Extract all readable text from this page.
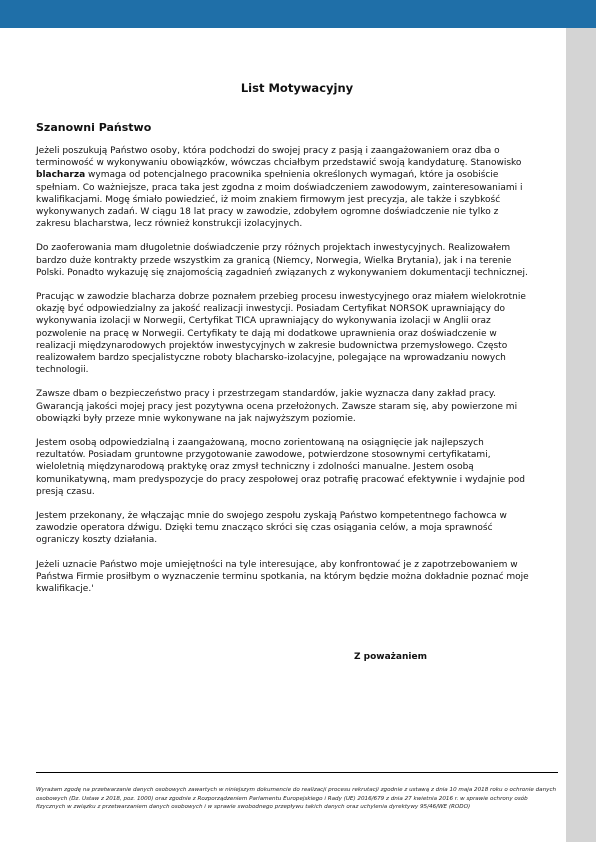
List Motywacyjny

Szanowni Państwo

Jeżeli poszukują Państwo osoby, która podchodzi do swojej pracy z pasją i zaangażowaniem oraz dba o terminowość w wykonywaniu obowiązków, wówczas chciałbym przedstawić swoją kandydaturę. Stanowisko blacharza wymaga od potencjalnego pracownika spełnienia określonych wymagań, które ja osobiście spełniam. Co ważniejsze, praca taka jest zgodna z moim doświadczeniem zawodowym, zainteresowaniami i kwalifikacjami. Mogę śmiało powiedzieć, iż moim znakiem firmowym jest precyzja, ale także i szybkość wykonywanych zadań. W ciągu 18 lat pracy w zawodzie, zdobyłem ogromne doświadczenie nie tylko z zakresu blacharstwa, lecz również konstrukcji izolacyjnych.

Do zaoferowania mam długoletnie doświadczenie przy różnych projektach inwestycyjnych. Realizowałem bardzo duże kontrakty przede wszystkim za granicą (Niemcy, Norwegia, Wielka Brytania), jak i na terenie Polski. Ponadto wykazuję się znajomością zagadnień związanych z wykonywaniem dokumentacji technicznej.

Pracując w zawodzie blacharza dobrze poznałem przebieg procesu inwestycyjnego oraz miałem wielokrotnie okazję być odpowiedzialny za jakość realizacji inwestycji. Posiadam Certyfikat NORSOK uprawniający do wykonywania izolacji w Norwegii, Certyfikat TICA uprawniający do wykonywania izolacji w Anglii oraz pozwolenie na pracę w Norwegii. Certyfikaty te dają mi dodatkowe uprawnienia oraz doświadczenie w realizacji międzynarodowych projektów inwestycyjnych w zakresie budownictwa przemysłowego. Często realizowałem bardzo specjalistyczne roboty blacharsko-izolacyjne, polegające na wprowadzaniu nowych technologii.

Zawsze dbam o bezpieczeństwo pracy i przestrzegam standardów, jakie wyznacza dany zakład pracy. Gwarancją jakości mojej pracy jest pozytywna ocena przełożonych. Zawsze staram się, aby powierzone mi obowiązki były przeze mnie wykonywane na jak najwyższym poziomie.

Jestem osobą odpowiedzialną i zaangażowaną, mocno zorientowaną na osiągnięcie jak najlepszych rezultatów. Posiadam gruntowne przygotowanie zawodowe, potwierdzone stosownymi certyfikatami, wieloletnią międzynarodową praktykę oraz zmysł techniczny i zdolności manualne. Jestem osobą komunikatywną, mam predyspozycje do pracy zespołowej oraz potrafię pracować efektywnie i wydajnie pod presją czasu.

Jestem przekonany, że włączając mnie do swojego zespołu zyskają Państwo kompetentnego fachowca w zawodzie operatora dźwigu. Dzięki temu znacząco skróci się czas osiągania celów, a moja sprawność ograniczy koszty działania.

Jeżeli uznacie Państwo moje umiejętności na tyle interesujące, aby konfrontować je z zapotrzebowaniem w Państwa Firmie prosiłbym o wyznaczenie terminu spotkania, na którym będzie można dokładnie poznać moje kwalifikacje.'

Z poważaniem

Wyrażam zgodę na przetwarzanie danych osobowych zawartych w niniejszym dokumencie do realizacji procesu rekrutacji zgodnie z ustawą z dnia 10 maja 2018 roku o ochronie danych osobowych (Dz. Ustaw z 2018, poz. 1000) oraz zgodnie z Rozporządzeniem Parlamentu Europejskiego i Rady (UE) 2016/679 z dnia 27 kwietnia 2016 r. w sprawie ochrony osób fizycznych w związku z przetwarzaniem danych osobowych i w sprawie swobodnego przepływu takich danych oraz uchylenia dyrektywy 95/46/WE (RODO)
